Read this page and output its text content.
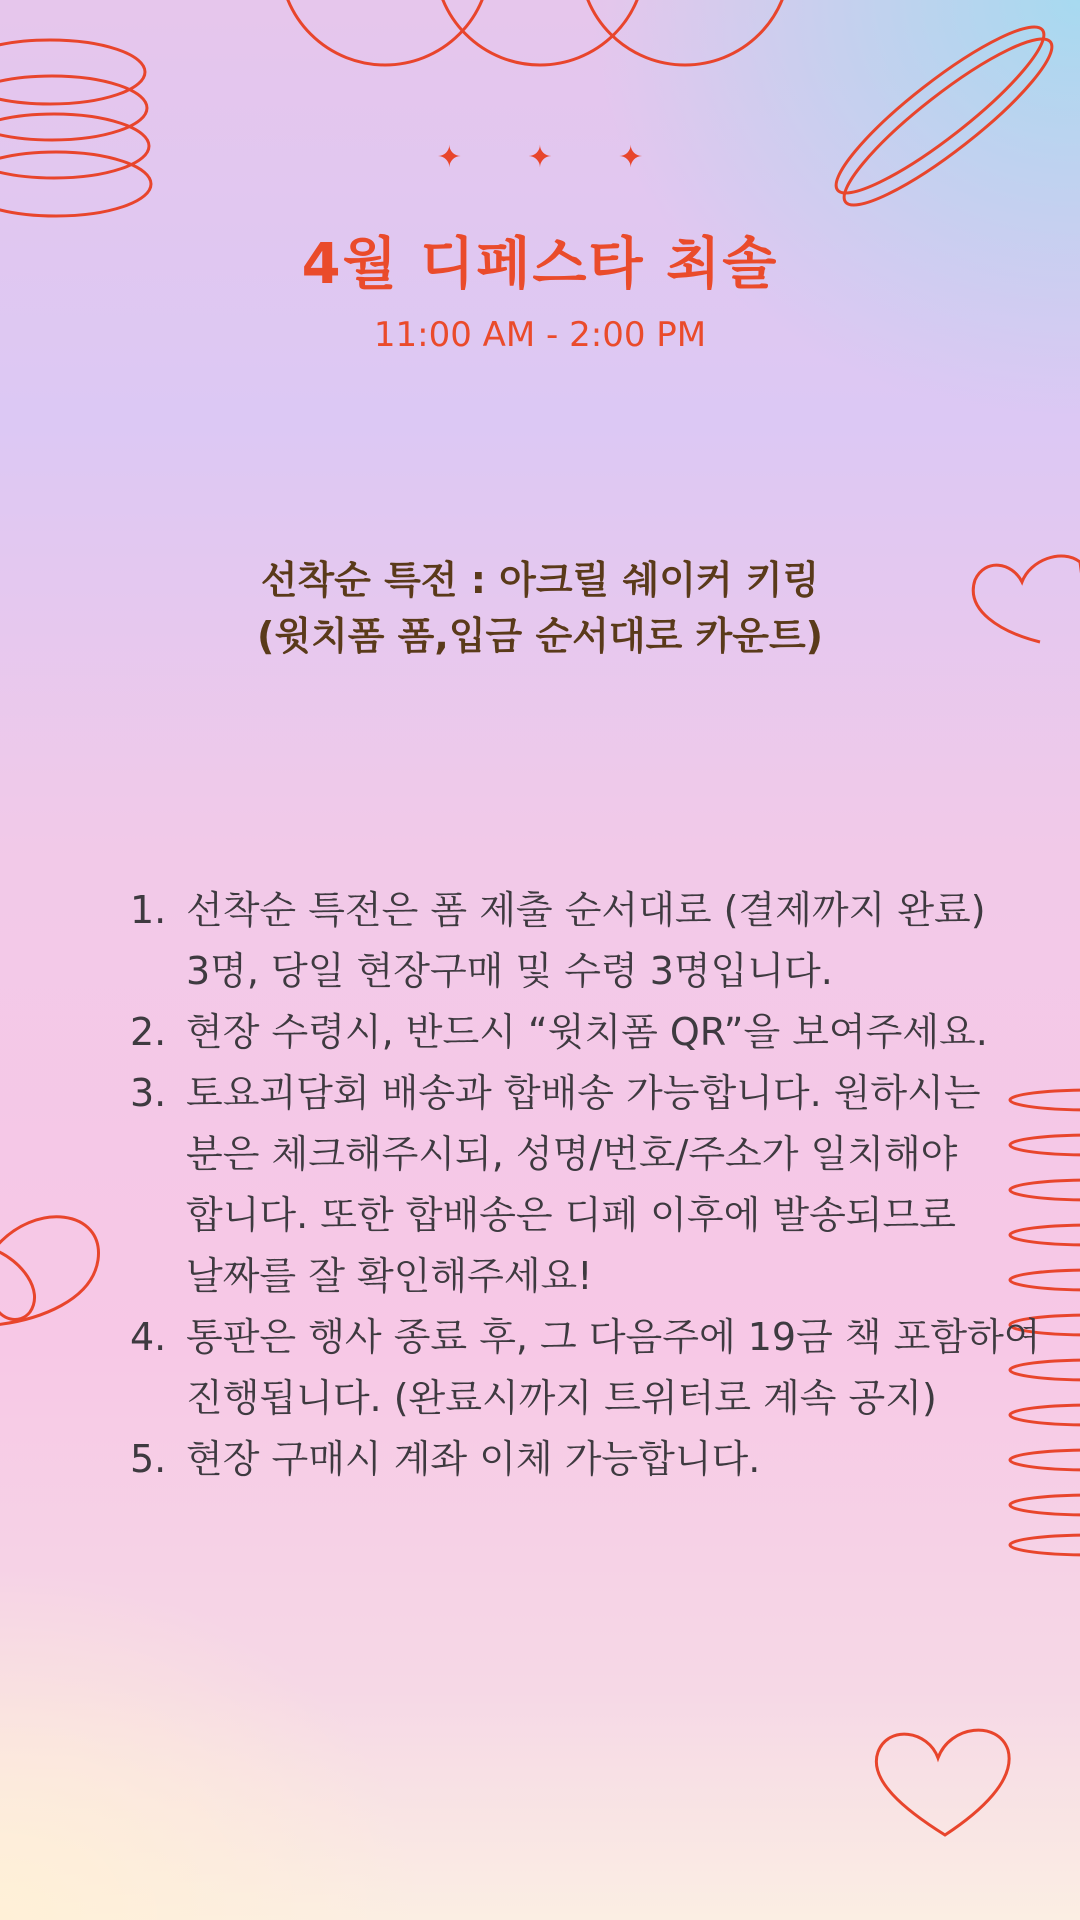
✦ ✦ ✦
4월 디페스타 최솔
11:00 AM - 2:00 PM
선착순 특전 : 아크릴 쉐이커 키링
(윗치폼 폼,입금 순서대로 카운트)
1. 선착순 특전은 폼 제출 순서대로 (결제까지 완료)
3명, 당일 현장구매 및 수령 3명입니다.
2. 현장 수령시, 반드시 “윗치폼 QR”을 보여주세요.
3. 토요괴담회 배송과 합배송 가능합니다. 원하시는
분은 체크해주시되, 성명/번호/주소가 일치해야
합니다. 또한 합배송은 디페 이후에 발송되므로
날짜를 잘 확인해주세요!
4. 통판은 행사 종료 후, 그 다음주에 19금 책 포함하여
진행됩니다. (완료시까지 트위터로 계속 공지)
5. 현장 구매시 계좌 이체 가능합니다.
